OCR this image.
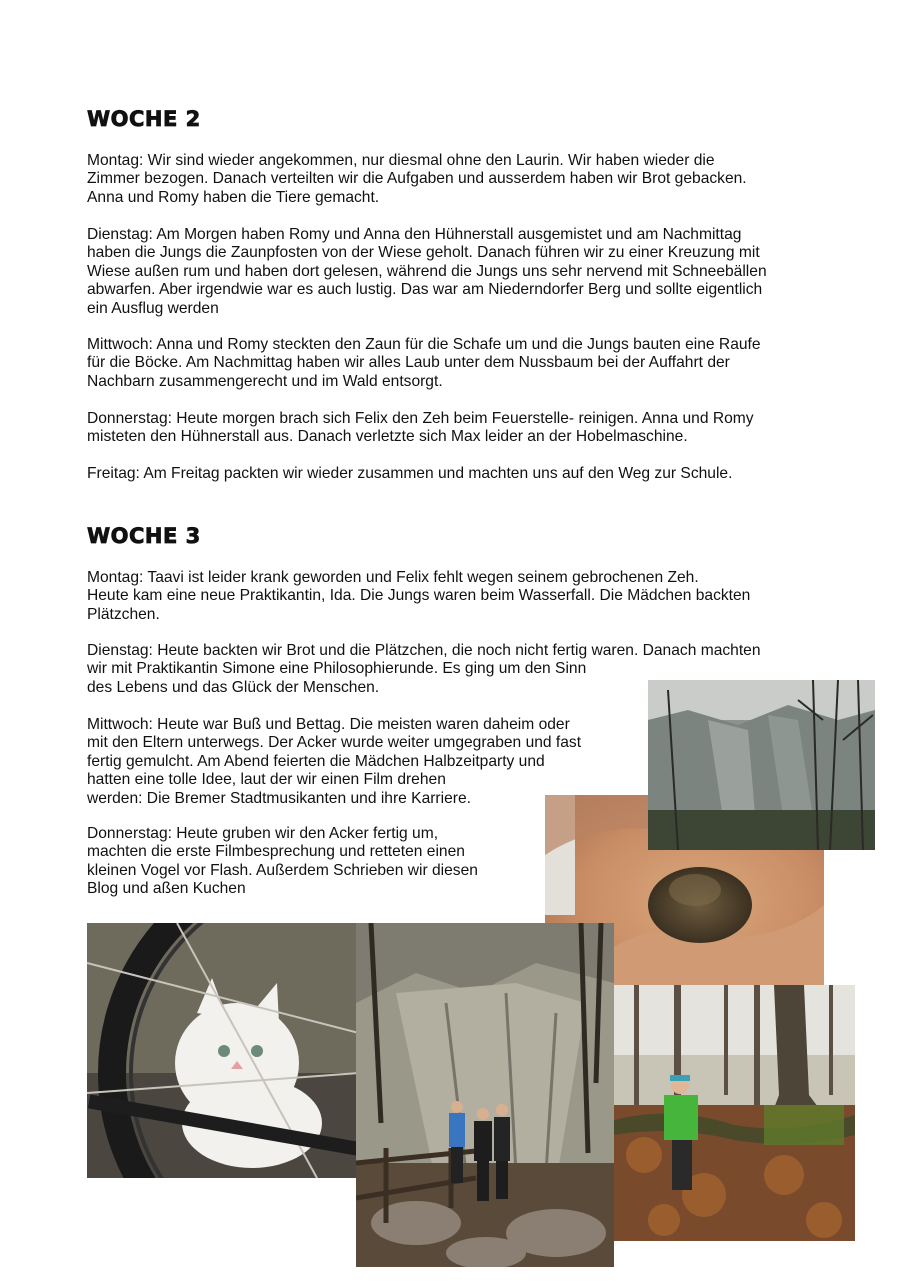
WOCHE 2

Montag: Wir sind wieder angekommen, nur diesmal ohne den Laurin. Wir haben wieder die
Zimmer bezogen. Danach verteilten wir die Aufgaben und ausserdem haben wir Brot gebacken.
Anna und Romy haben die Tiere gemacht.

Dienstag: Am Morgen haben Romy und Anna den Hühnerstall ausgemistet und am Nachmittag
haben die Jungs die Zaunpfosten von der Wiese geholt. Danach führen wir zu einer Kreuzung mit
Wiese außen rum und haben dort gelesen, während die Jungs uns sehr nervend mit Schneebällen
abwarfen. Aber irgendwie war es auch lustig. Das war am Niederndorfer Berg und sollte eigentlich
ein Ausflug werden

Mittwoch: Anna und Romy steckten den Zaun für die Schafe um und die Jungs bauten eine Raufe
für die Böcke. Am Nachmittag haben wir alles Laub unter dem Nussbaum bei der Auffahrt der
Nachbarn zusammengerecht und im Wald entsorgt.

Donnerstag: Heute morgen brach sich Felix den Zeh beim Feuerstelle- reinigen. Anna und Romy
misteten den Hühnerstall aus. Danach verletzte sich Max leider an der Hobelmaschine.

Freitag: Am Freitag packten wir wieder zusammen und machten uns auf den Weg zur Schule.

WOCHE 3

Montag: Taavi ist leider krank geworden und Felix fehlt wegen seinem gebrochenen Zeh.
Heute kam eine neue Praktikantin, Ida. Die Jungs waren beim Wasserfall. Die Mädchen backten
Plätzchen.

Dienstag: Heute backten wir Brot und die Plätzchen, die noch nicht fertig waren. Danach machten
wir mit Praktikantin Simone eine Philosophierunde. Es ging um den Sinn
des Lebens und das Glück der Menschen.

Mittwoch: Heute war Buß und Bettag. Die meisten waren daheim oder
mit den Eltern unterwegs. Der Acker wurde weiter umgegraben und fast
fertig gemulcht. Am Abend feierten die Mädchen Halbzeitparty und
hatten eine tolle Idee, laut der wir einen Film drehen
werden: Die Bremer Stadtmusikanten und ihre Karriere.

Donnerstag: Heute gruben wir den Acker fertig um,
machten die erste Filmbesprechung und retteten einen
kleinen Vogel vor Flash. Außerdem Schrieben wir diesen
Blog und aßen Kuchen
